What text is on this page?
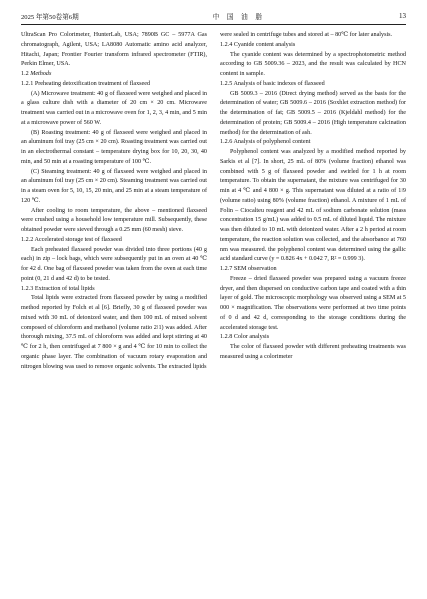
2025 年第50卷第6期	中 国 油 脂	13

UltraScan Pro Colorimeter, HunterLab, USA; 7890B GC – 5977A Gas chromatograph, Agilent, USA; LA8080 Automatic amino acid analyzer, Hitachi, Japan; Frontier Fourier transform infrared spectrometer (FTIR), Perkin Elmer, USA.

1.2 Methods

1.2.1 Preheating detoxification treatment of flaxseed

(A) Microwave treatment: 40 g of flaxseed were weighed and placed in a glass culture dish with a diameter of 20 cm × 20 cm. Microwave treatment was carried out in a microwave oven for 1, 2, 3, 4 min, and 5 min at a microwave power of 560 W.

(B) Roasting treatment: 40 g of flaxseed were weighed and placed in an aluminum foil tray (25 cm × 20 cm). Roasting treatment was carried out in an electrothermal constant – temperature drying box for 10, 20, 30, 40 min, and 50 min at a roasting temperature of 100 ℃.

(C) Steaming treatment: 40 g of flaxseed were weighed and placed in an aluminum foil tray (25 cm × 20 cm). Steaming treatment was carried out in a steam oven for 5, 10, 15, 20 min, and 25 min at a steam temperature of 120 ℃.

After cooling to room temperature, the above – mentioned flaxseed were crushed using a household low temperature mill. Subsequently, these obtained powder were sieved through a 0.25 mm (60 mesh) sieve.

1.2.2 Accelerated storage test of flaxseed

Each preheated flaxseed powder was divided into three portions (40 g each) in zip – lock bags, which were subsequently put in an oven at 40 ℃ for 42 d. One bag of flaxseed powder was taken from the oven at each time point (0, 21 d and 42 d) to be tested.

1.2.3 Extraction of total lipids

Total lipids were extracted from flaxseed powder by using a modified method reported by Folch et al [6]. Briefly, 30 g of flaxseed powder was mixed with 30 mL of deionized water, and then 100 mL of mixed solvent composed of chloroform and methanol (volume ratio 2∶1) was added. After thorough mixing, 37.5 mL of chloroform was added and kept stirring at 40 ℃ for 2 h, then centrifuged at 7 800 × g and 4 ℃ for 10 min to collect the organic phase layer. The combination of vacuum rotary evaporation and nitrogen blowing was used to remove organic solvents. The extracted lipids

were sealed in centrifuge tubes and stored at – 80℃ for later analysis.

1.2.4 Cyanide content analysis

The cyanide content was determined by a spectrophotometric method according to GB 5009.36 – 2023, and the result was calculated by HCN content in sample.

1.2.5 Analysis of basic indexes of flaxseed

GB 5009.3 – 2016 (Direct drying method) served as the basis for the determination of water; GB 5009.6 – 2016 (Soxhlet extraction method) for the determination of fat; GB 5009.5 – 2016 (Kjeldahl method) for the determination of protein; GB 5009.4 – 2016 (High temperature calcination method) for the determination of ash.

1.2.6 Analysis of polyphenol content

Polyphenol content was analyzed by a modified method reported by Sarkis et al [7]. In short, 25 mL of 80% (volume fraction) ethanol was combined with 5 g of flaxseed powder and swirled for 1 h at room temperature. To obtain the supernatant, the mixture was centrifuged for 30 min at 4 ℃ and 4 800 × g. This supernatant was diluted at a ratio of 1∶9 (volume ratio) using 80% (volume fraction) ethanol. A mixture of 1 mL of Folin – Ciocalteu reagent and 42 mL of sodium carbonate solution (mass concentration 15 g/mL) was added to 0.5 mL of diluted liquid. The mixture was then diluted to 10 mL with deionized water. After a 2 h period at room temperature, the reaction solution was collected, and the absorbance at 760 nm was measured. the polyphenol content was determined using the gallic acid standard curve (y = 0.826 4x + 0.042 7, R² = 0.999 3).

1.2.7 SEM observation

Freeze – dried flaxseed powder was prepared using a vacuum freeze dryer, and then dispersed on conductive carbon tape and coated with a thin layer of gold. The microscopic morphology was observed using a SEM at 5 000 × magnification. The observations were performed at two time points of 0 d and 42 d, corresponding to the storage conditions during the accelerated storage test.

1.2.8 Color analysis

The color of flaxseed powder with different preheating treatments was measured using a colorimeter
